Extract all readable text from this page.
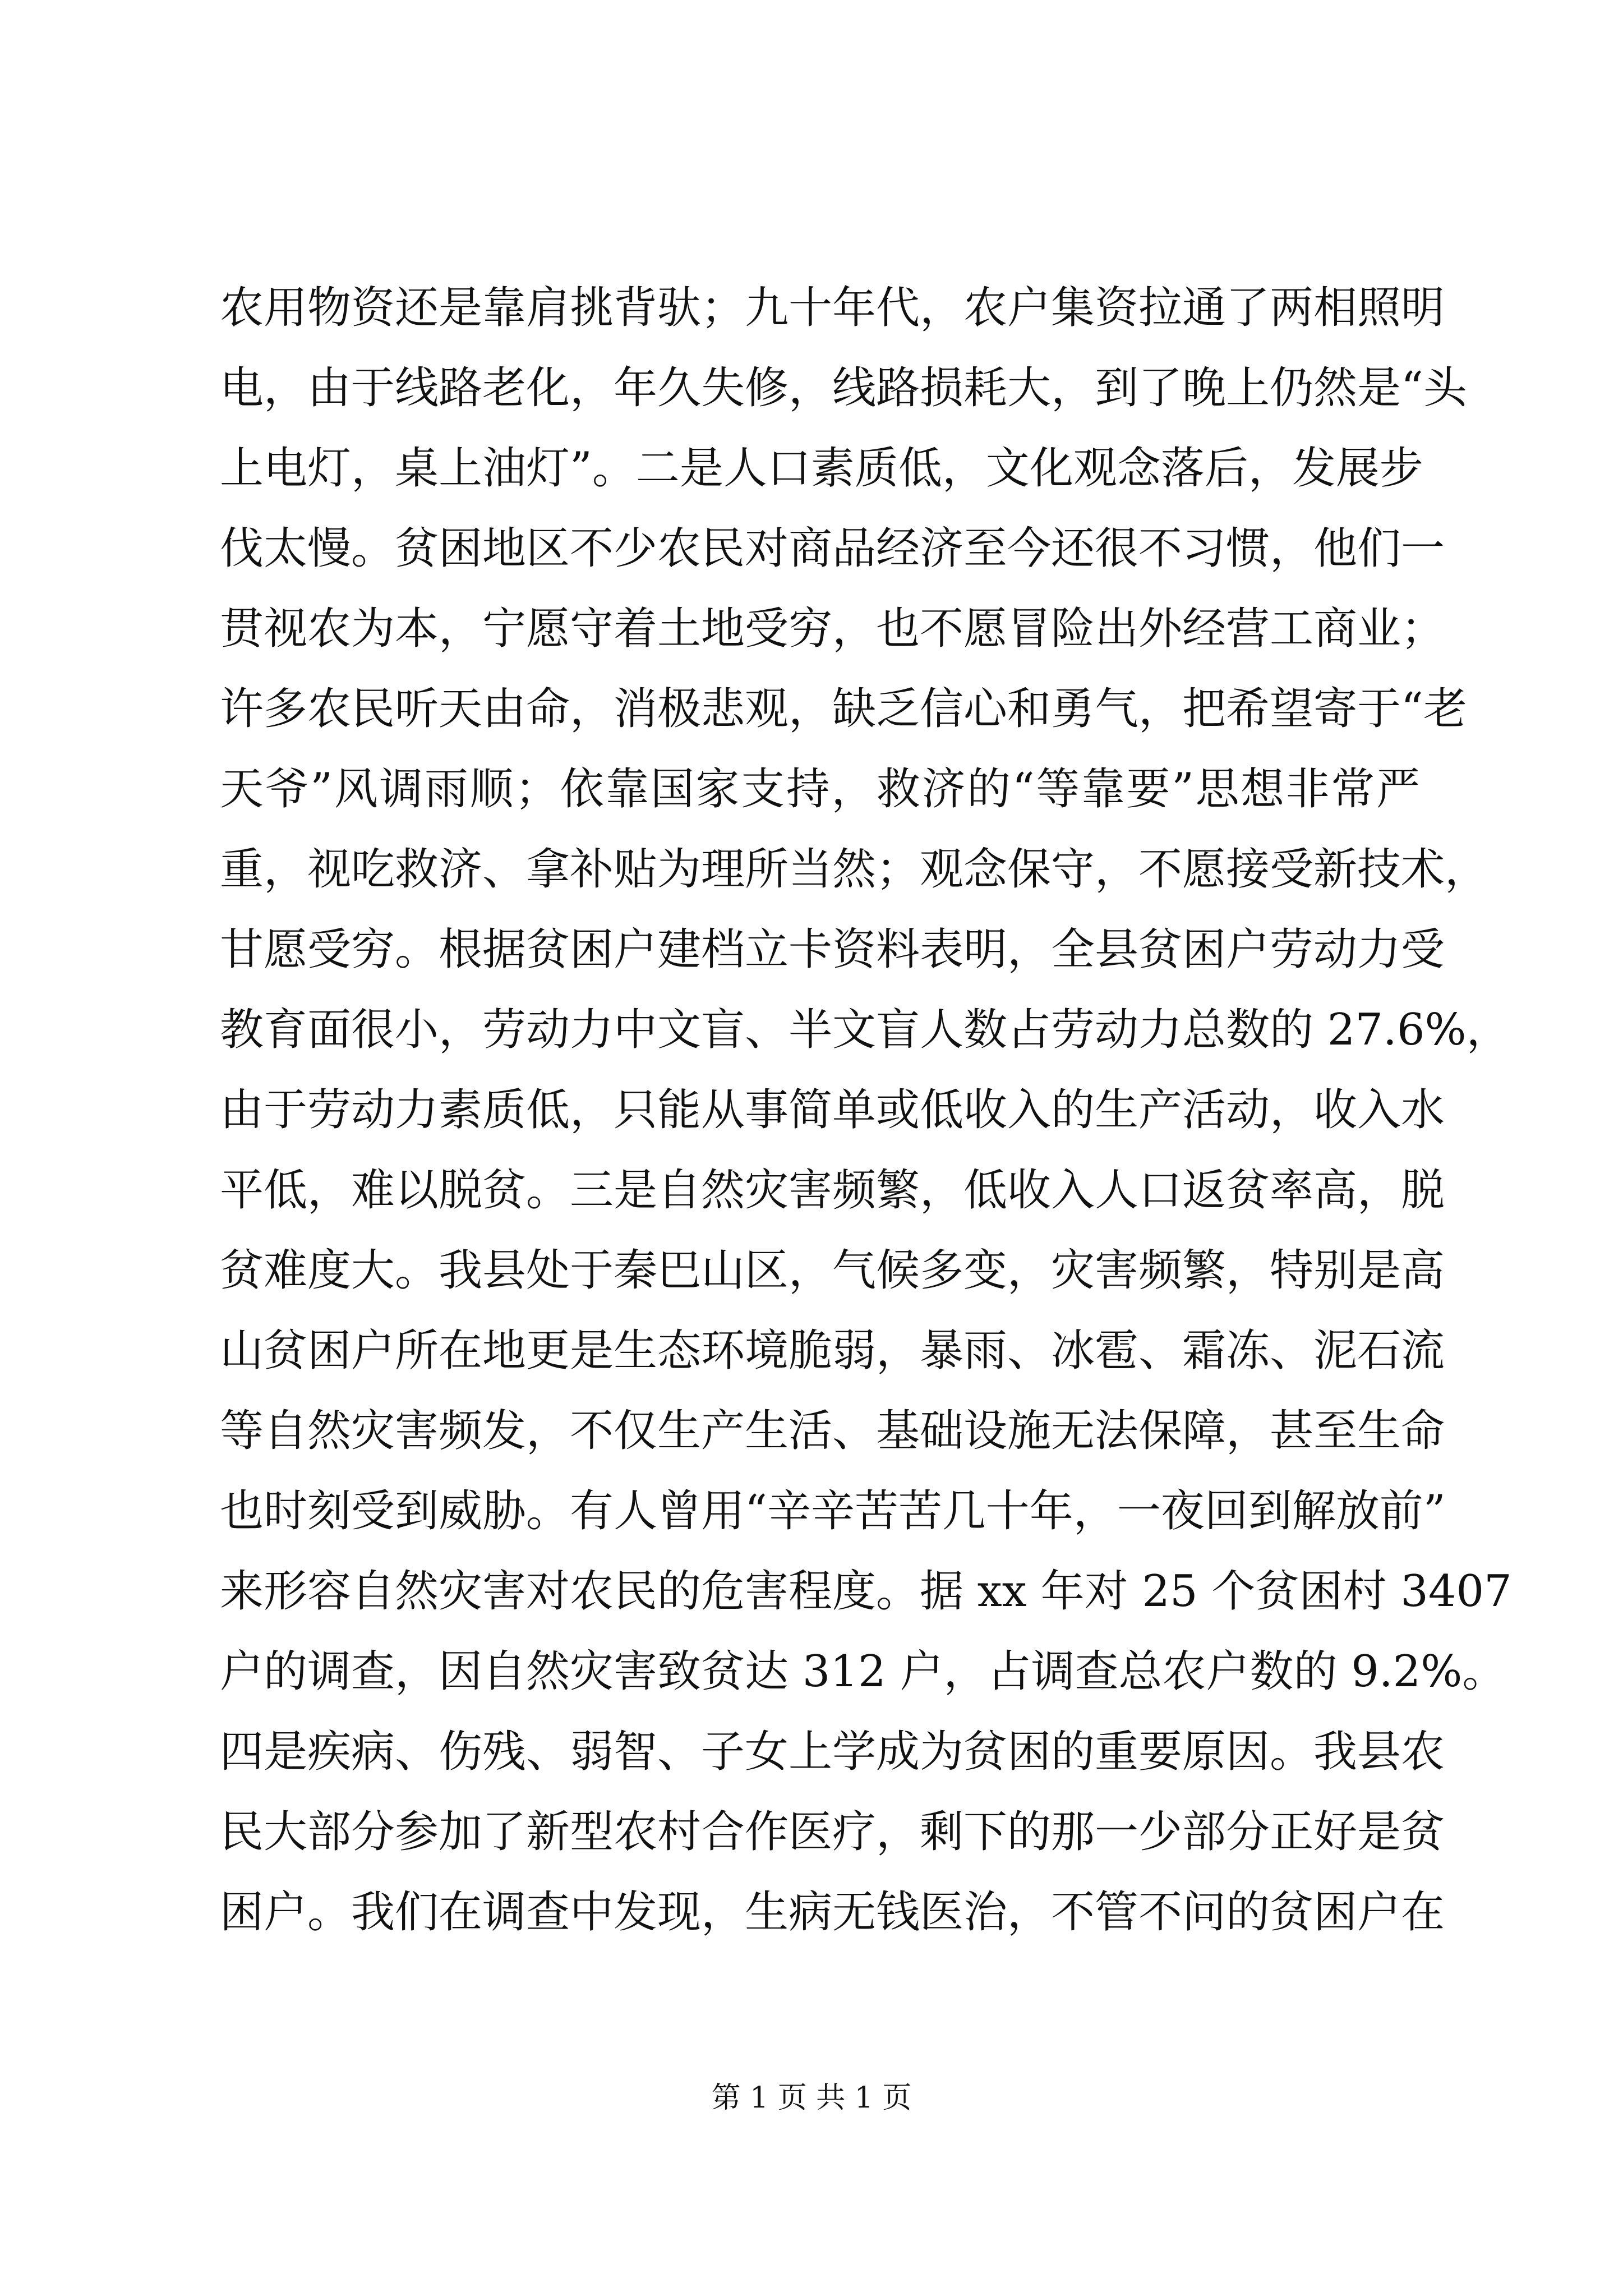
农用物资还是靠肩挑背驮；九十年代，农户集资拉通了两相照明
电，由于线路老化，年久失修，线路损耗大，到了晚上仍然是“头
上电灯，桌上油灯”。二是人口素质低，文化观念落后，发展步
伐太慢。贫困地区不少农民对商品经济至今还很不习惯，他们一
贯视农为本，宁愿守着土地受穷，也不愿冒险出外经营工商业；
许多农民听天由命，消极悲观，缺乏信心和勇气，把希望寄于“老
天爷”风调雨顺；依靠国家支持，救济的“等靠要”思想非常严
重，视吃救济、拿补贴为理所当然；观念保守，不愿接受新技术，
甘愿受穷。根据贫困户建档立卡资料表明，全县贫困户劳动力受
教育面很小，劳动力中文盲、半文盲人数占劳动力总数的 27.6%，
由于劳动力素质低，只能从事简单或低收入的生产活动，收入水
平低，难以脱贫。三是自然灾害频繁，低收入人口返贫率高，脱
贫难度大。我县处于秦巴山区，气候多变，灾害频繁，特别是高
山贫困户所在地更是生态环境脆弱，暴雨、冰雹、霜冻、泥石流
等自然灾害频发，不仅生产生活、基础设施无法保障，甚至生命
也时刻受到威胁。有人曾用“辛辛苦苦几十年，一夜回到解放前”
来形容自然灾害对农民的危害程度。据 xx 年对 25 个贫困村 3407
户的调查，因自然灾害致贫达 312 户，占调查总农户数的 9.2%。
四是疾病、伤残、弱智、子女上学成为贫困的重要原因。我县农
民大部分参加了新型农村合作医疗，剩下的那一少部分正好是贫
困户。我们在调查中发现，生病无钱医治，不管不问的贫困户在
第 1 页 共 1 页
